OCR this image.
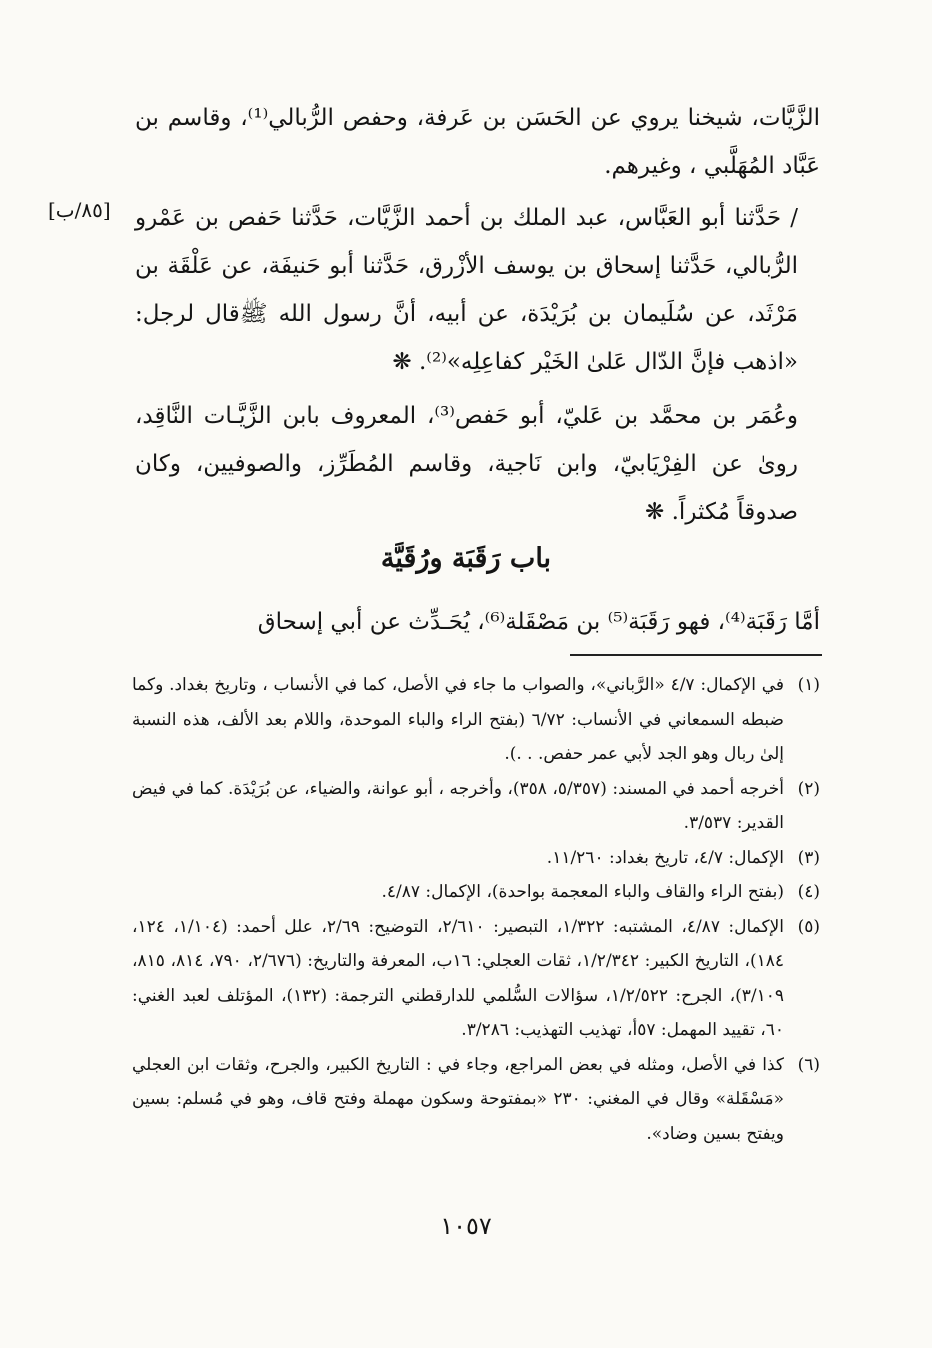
الزَّيَّات، شيخنا يروي عن الحَسَن بن عَرفة، وحفص الرُّبالي⁽¹⁾، وقاسم بن عَبَّاد المُهَلَّبي ، وغيرهم.

[٨٥/ب] / حَدَّثنا أبو العَبَّاس، عبد الملك بن أحمد الزَّيَّات، حَدَّثنا حَفص بن عَمْرو الرُّبالي، حَدَّثنا إسحاق بن يوسف الأزْرق، حَدَّثنا أبو حَنيفَة، عن عَلْقَة بن مَرْثَد، عن سُلَيمان بن بُرَيْدَة، عن أبيه، أنَّ رسول الله ﷺقال لرجل: «اذهب فإنَّ الدّال عَلىٰ الخَيْر كفاعِلِه»⁽²⁾. ❋

وعُمَر بن محمَّد بن عَليّ، أبو حَفص⁽³⁾، المعروف بابن الزَّيَّـات النَّاقِد، روىٰ عن الفِرْيَابيّ، وابن نَاجية، وقاسم المُطَرِّز، والصوفيين، وكان صدوقاً مُكثراً. ❋

باب رَقَبَة ورُقَيَّة

أمَّا رَقَبَة⁽⁴⁾، فهو رَقَبَة⁽⁵⁾ بن مَصْقَلة⁽⁶⁾، يُحَـدِّث عن أبي إسحاق

(١)
في الإكمال: ٤/٧ «الرَّباني»، والصواب ما جاء في الأصل، كما في الأنساب ، وتاريخ بغداد. وكما ضبطه السمعاني في الأنساب: ٦/٧٢ (بفتح الراء والباء الموحدة، واللام بعد الألف، هذه النسبة إلىٰ ربال وهو الجد لأبي عمر حفص. . .).
(٢)
أخرجه أحمد في المسند: (٥/٣٥٧، ٣٥٨)، وأخرجه ، أبو عوانة، والضياء، عن بُرَيْدَة. كما في فيض القدير: ٣/٥٣٧.
(٣)
الإكمال: ٤/٧، تاريخ بغداد: ١١/٢٦٠.
(٤)
(بفتح الراء والقاف والباء المعجمة بواحدة)، الإكمال: ٤/٨٧.
(٥)
الإكمال: ٤/٨٧، المشتبه: ١/٣٢٢، التبصير: ٢/٦١٠، التوضيح: ٢/٦٩، علل أحمد: (١/١٠٤، ١٢٤، ١٨٤)، التاريخ الكبير: ١/٢/٣٤٢، ثقات العجلي: ١٦ب، المعرفة والتاريخ: (٢/٦٧٦، ٧٩٠، ٨١٤، ٨١٥، ٣/١٠٩)، الجرح: ١/٢/٥٢٢، سؤالات السُّلمي للدارقطني الترجمة: (١٣٢)، المؤتلف لعبد الغني: ٦٠، تقييد المهمل: ٥٧أ، تهذيب التهذيب: ٣/٢٨٦.
(٦)
كذا في الأصل، ومثله في بعض المراجع، وجاء في : التاريخ الكبير، والجرح، وثقات ابن العجلي «مَسْقَلة» وقال في المغني: ٢٣٠ «بمفتوحة وسكون مهملة وفتح قاف، وهو في مُسلم: بسين ويفتح بسين وضاد».
١٠٥٧
